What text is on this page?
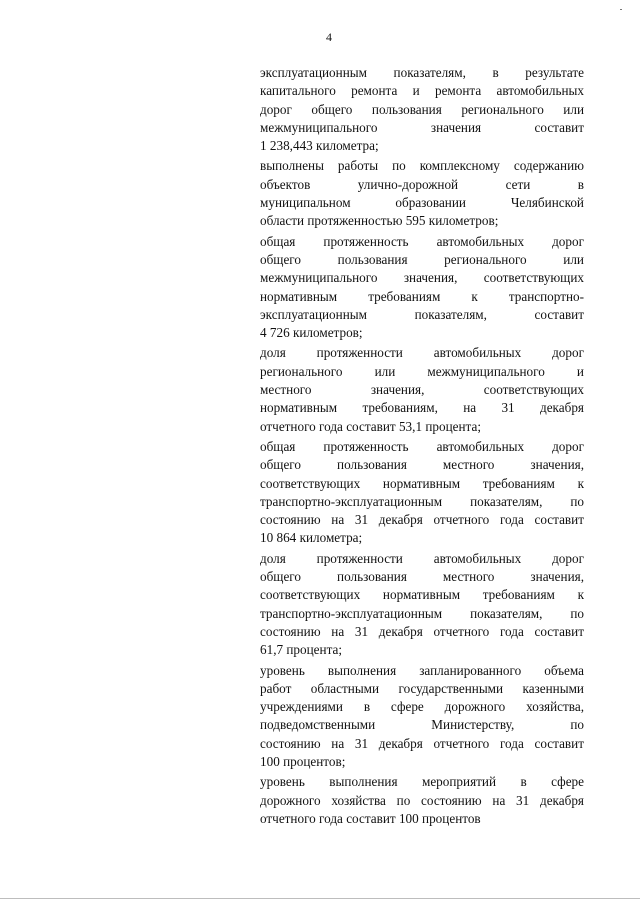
4
эксплуатационным показателям, в результате
капитального ремонта и ремонта автомобильных
дорог общего пользования регионального или
межмуниципального значения составит
1 238,443 километра;
выполнены работы по комплексному содержанию
объектов улично-дорожной сети в
муниципальном образовании Челябинской
области протяженностью 595 километров;
общая протяженность автомобильных дорог
общего пользования регионального или
межмуниципального значения, соответствующих
нормативным требованиям к транспортно-
эксплуатационным показателям, составит
4 726 километров;
доля протяженности автомобильных дорог
регионального или межмуниципального и
местного значения, соответствующих
нормативным требованиям, на 31 декабря
отчетного года составит 53,1 процента;
общая протяженность автомобильных дорог
общего пользования местного значения,
соответствующих нормативным требованиям к
транспортно-эксплуатационным показателям, по
состоянию на 31 декабря отчетного года составит
10 864 километра;
доля протяженности автомобильных дорог
общего пользования местного значения,
соответствующих нормативным требованиям к
транспортно-эксплуатационным показателям, по
состоянию на 31 декабря отчетного года составит
61,7 процента;
уровень выполнения запланированного объема
работ областными государственными казенными
учреждениями в сфере дорожного хозяйства,
подведомственными Министерству, по
состоянию на 31 декабря отчетного года составит
100 процентов;
уровень выполнения мероприятий в сфере
дорожного хозяйства по состоянию на 31 декабря
отчетного года составит 100 процентов
